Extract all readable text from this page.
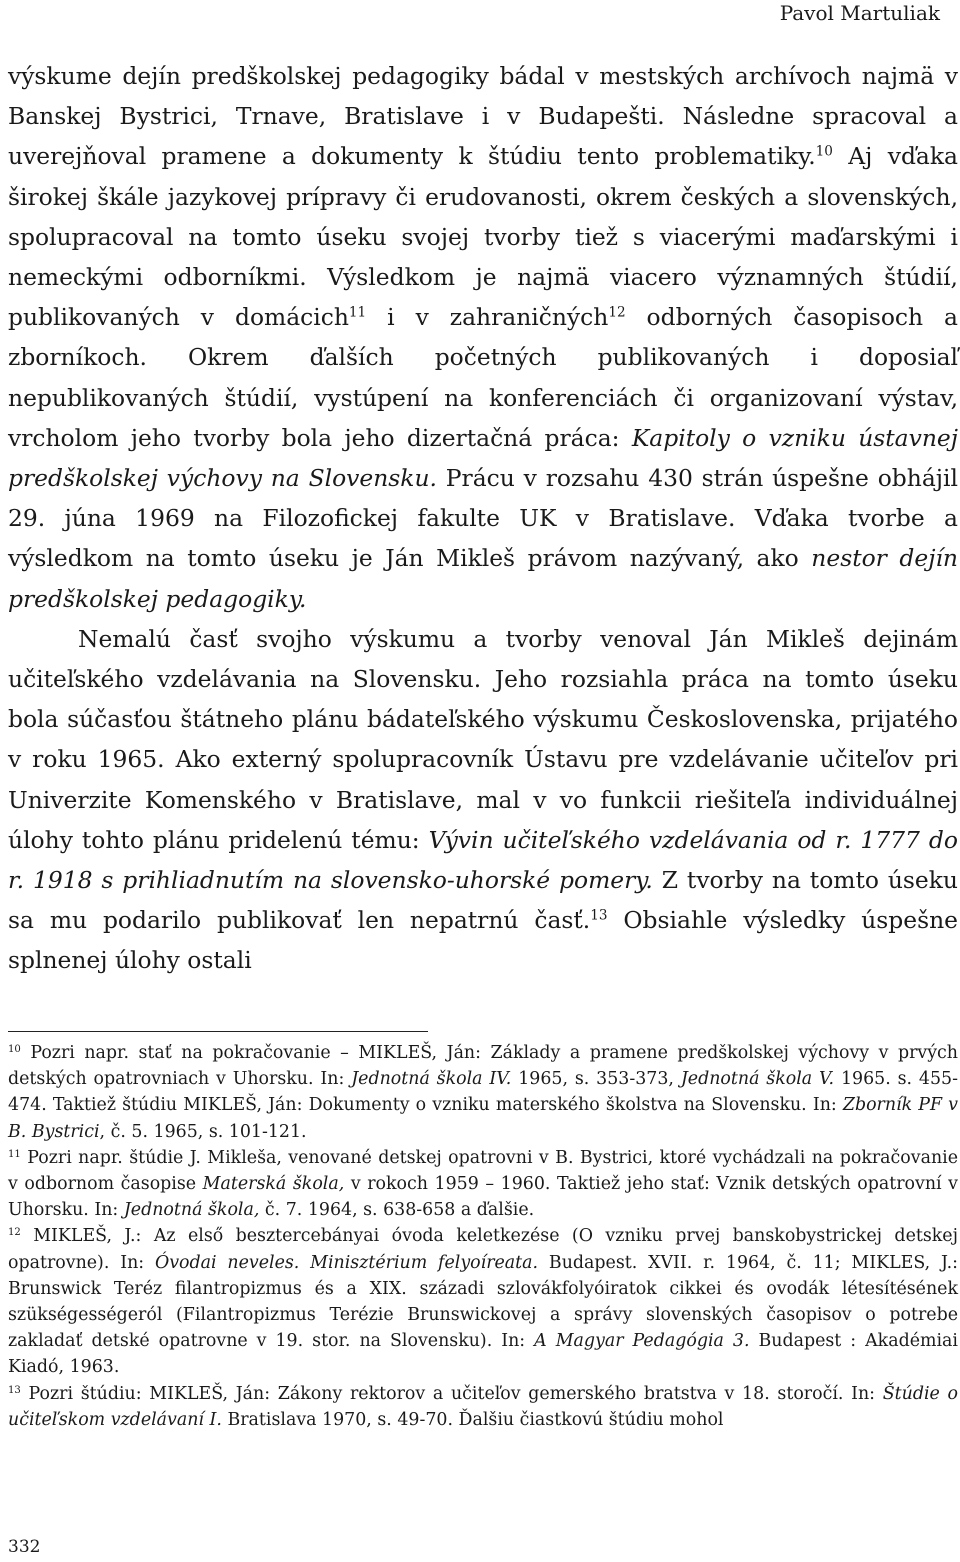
Pavol Martuliak

výskume dejín predškolskej pedagogiky bádal v mestských archívoch najmä v Banskej Bystrici, Trnave, Bratislave i v Budapešti. Následne spracoval a uverejňoval pramene a dokumenty k štúdiu tento problematiky.$^{10}$ Aj vďaka širokej škále jazykovej prípravy či erudovanosti, okrem českých a slovenských, spolupracoval na tomto úseku svojej tvorby tiež s viacerými maďarskými i nemeckými odborníkmi. Výsledkom je najmä viacero významných štúdií, publikovaných v domácich$^{11}$ i v zahraničných$^{12}$ odborných časopisoch a zborníkoch. Okrem ďalších početných publikovaných i doposiaľ nepublikovaných štúdií, vystúpení na konferenciách či organizovaní výstav, vrcholom jeho tvorby bola jeho dizertačná práca: Kapitoly o vzniku ústavnej predškolskej výchovy na Slovensku. Prácu v rozsahu 430 strán úspešne obhájil 29. júna 1969 na Filozofickej fakulte UK v Bratislave. Vďaka tvorbe a výsledkom na tomto úseku je Ján Mikleš právom nazývaný, ako nestor dejín predškolskej pedagogiky.

Nemalú časť svojho výskumu a tvorby venoval Ján Mikleš dejinám učiteľského vzdelávania na Slovensku. Jeho rozsiahla práca na tomto úseku bola súčasťou štátneho plánu bádateľského výskumu Československa, prijatého v roku 1965. Ako externý spolupracovník Ústavu pre vzdelávanie učiteľov pri Univerzite Komenského v Bratislave, mal v vo funkcii riešiteľa individuálnej úlohy tohto plánu pridelenú tému: Vývin učiteľského vzdelávania od r. 1777 do r. 1918 s prihliadnutím na slovensko-uhorské pomery. Z tvorby na tomto úseku sa mu podarilo publikovať len nepatrnú časť.$^{13}$ Obsiahle výsledky úspešne splnenej úlohy ostali

$^{10}$ Pozri napr. stať na pokračovanie – MIKLEŠ, Ján: Základy a pramene predškolskej výchovy v prvých detských opatrovniach v Uhorsku. In: Jednotná škola IV. 1965, s. 353-373, Jednotná škola V. 1965. s. 455-474. Taktiež štúdiu MIKLEŠ, Ján: Dokumenty o vzniku materského školstva na Slovensku. In: Zborník PF v B. Bystrici, č. 5. 1965, s. 101-121.

$^{11}$ Pozri napr. štúdie J. Mikleša, venované detskej opatrovni v B. Bystrici, ktoré vychádzali na pokračovanie v odbornom časopise Materská škola, v rokoch 1959 – 1960. Taktiež jeho stať: Vznik detských opatrovní v Uhorsku. In: Jednotná škola, č. 7. 1964, s. 638-658 a ďalšie.

$^{12}$ MIKLEŠ, J.: Az első besztercebányai óvoda keletkezése (O vzniku prvej banskobystrickej detskej opatrovne). In: Óvodai neveles. Minisztérium felyoíreata. Budapest. XVII. r. 1964, č. 11; MIKLES, J.: Brunswick Teréz filantropizmus és a XIX. századi szlovákfolyóiratok cikkei és ovodák létesítésének szükségességeról (Filantropizmus Terézie Brunswickovej a správy slovenských časopisov o potrebe zakladať detské opatrovne v 19. stor. na Slovensku). In: A Magyar Pedagógia 3. Budapest : Akadémiai Kiadó, 1963.

$^{13}$ Pozri štúdiu: MIKLEŠ, Ján: Zákony rektorov a učiteľov gemerského bratstva v 18. storočí. In: Štúdie o učiteľskom vzdelávaní I. Bratislava 1970, s. 49-70. Ďalšiu čiastkovú štúdiu mohol

332
